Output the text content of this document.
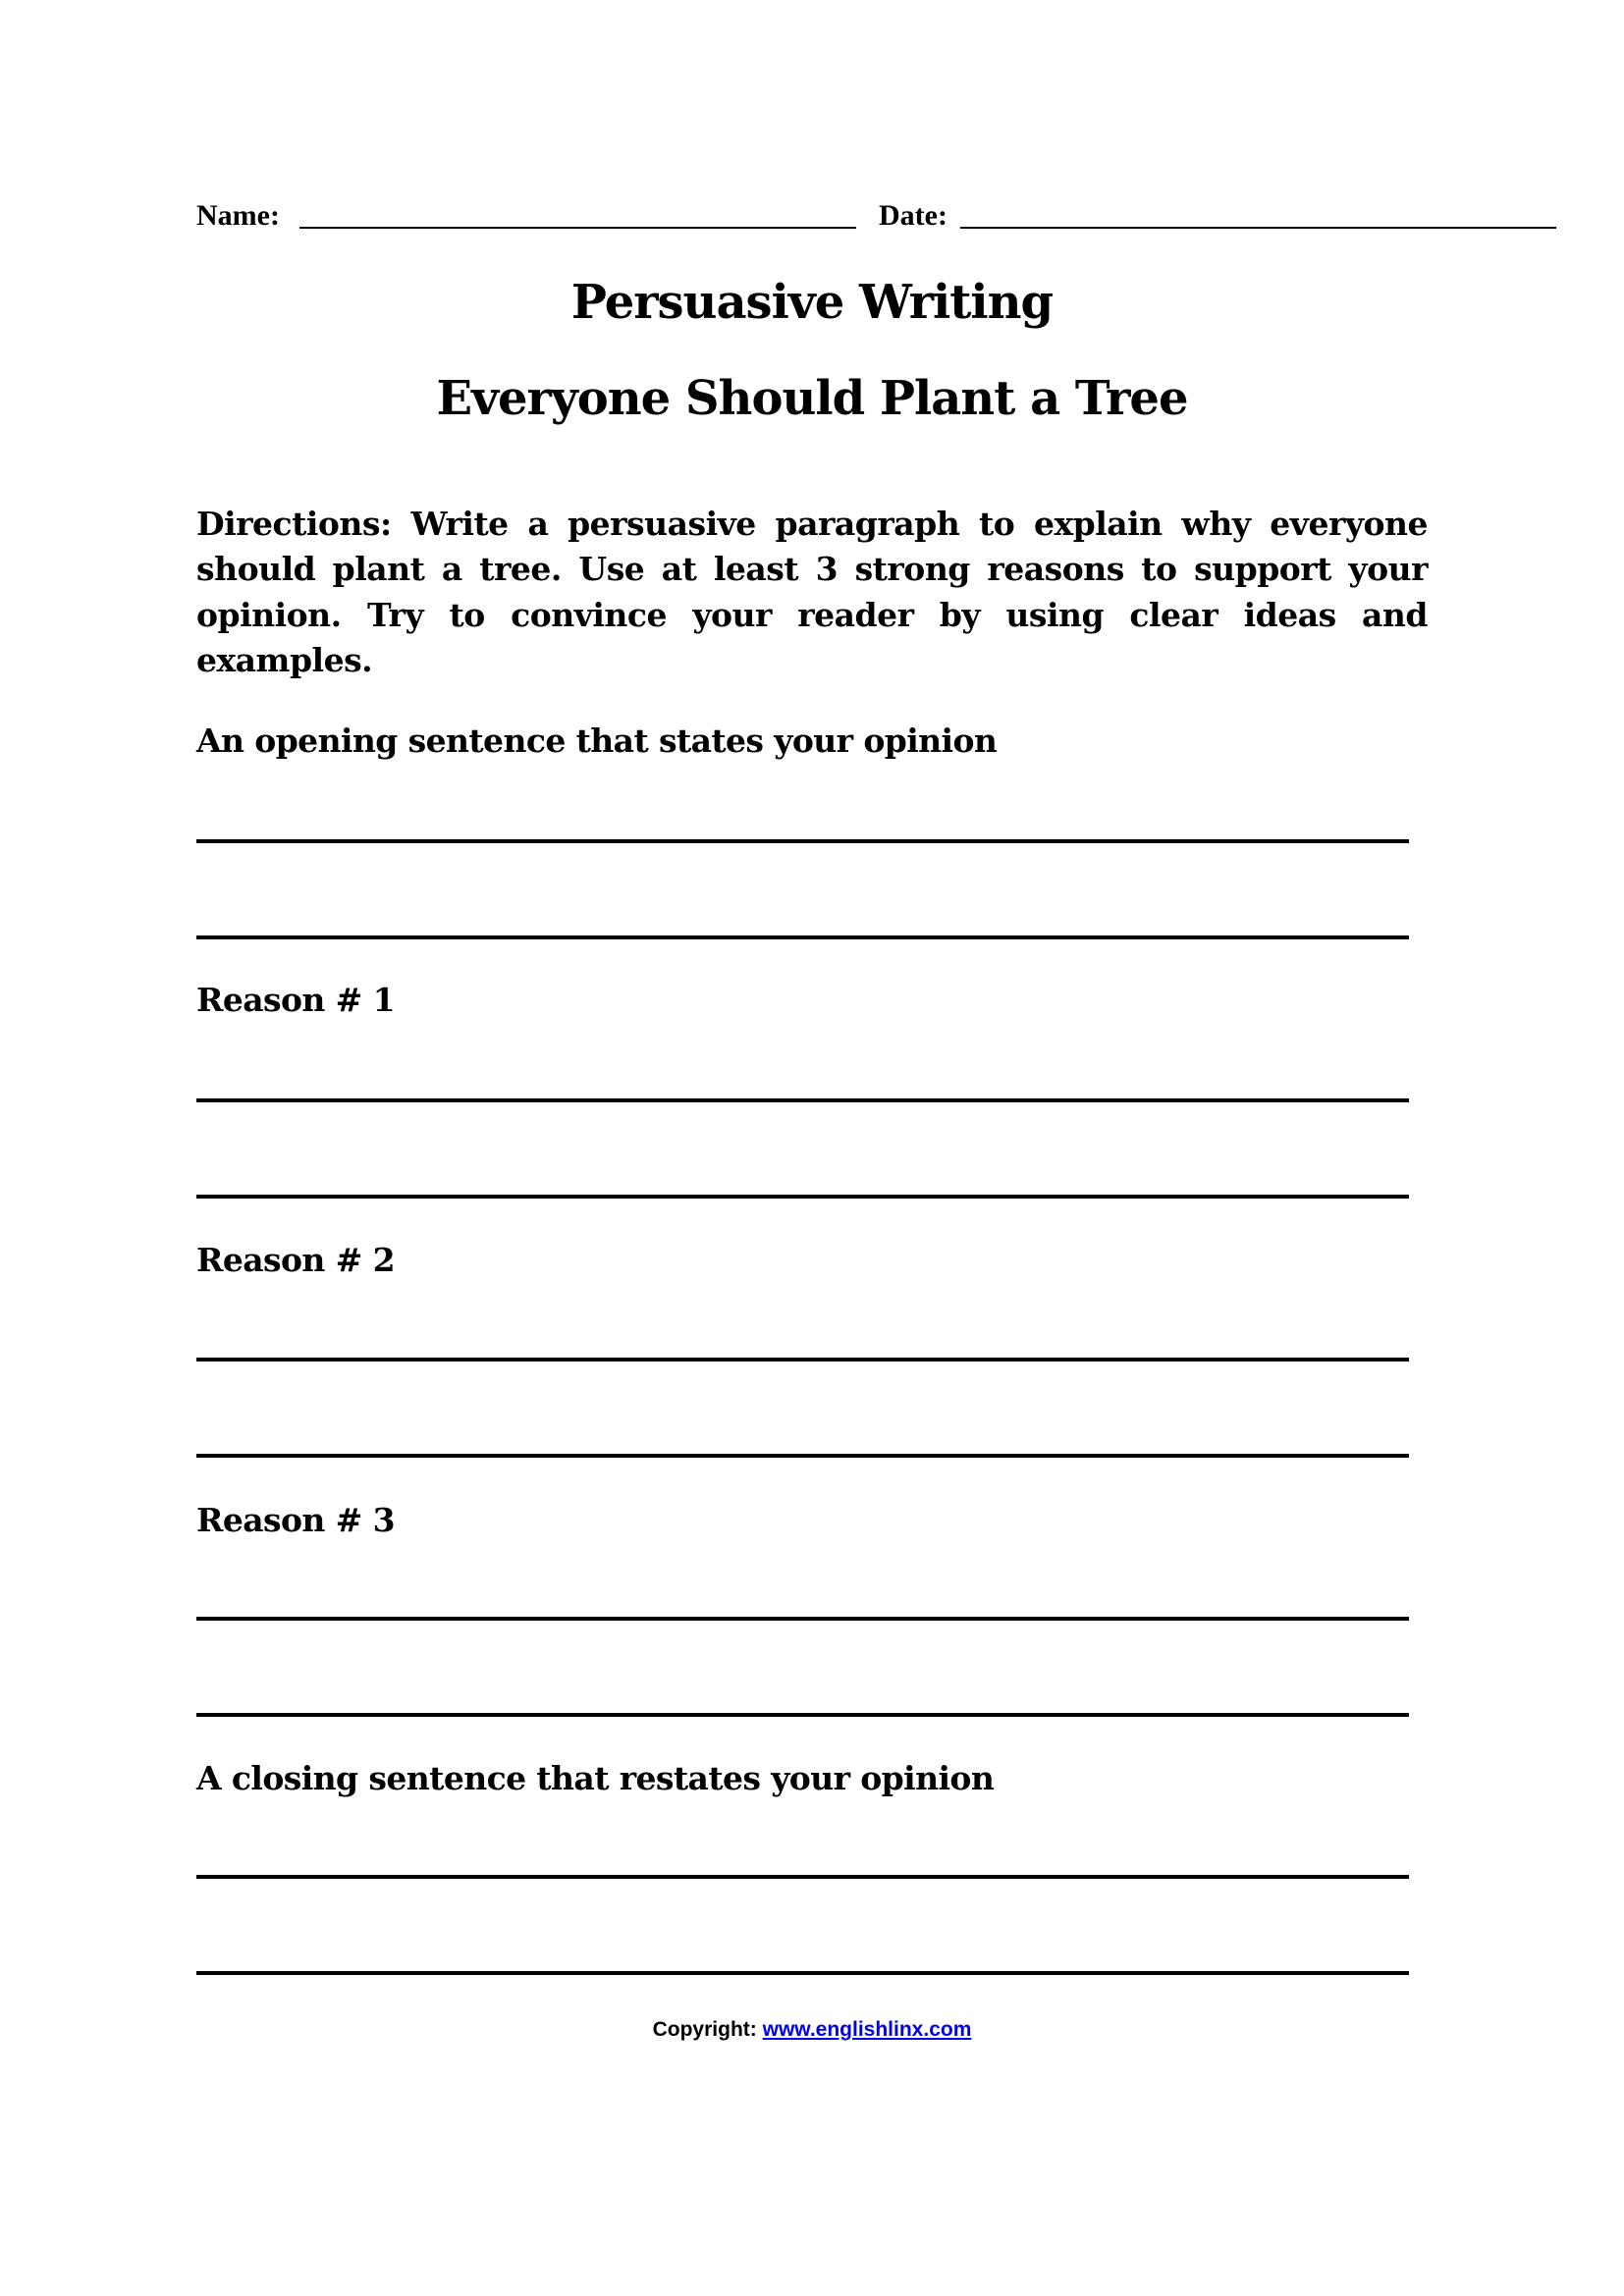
Name:	Date:
Persuasive Writing
Everyone Should Plant a Tree

Directions: Write a persuasive paragraph to explain why everyone should plant a tree. Use at least 3 strong reasons to support your opinion. Try to convince your reader by using clear ideas and examples.

An opening sentence that states your opinion
Reason # 1
Reason # 2
Reason # 3
A closing sentence that restates your opinion
Copyright: www.englishlinx.com
